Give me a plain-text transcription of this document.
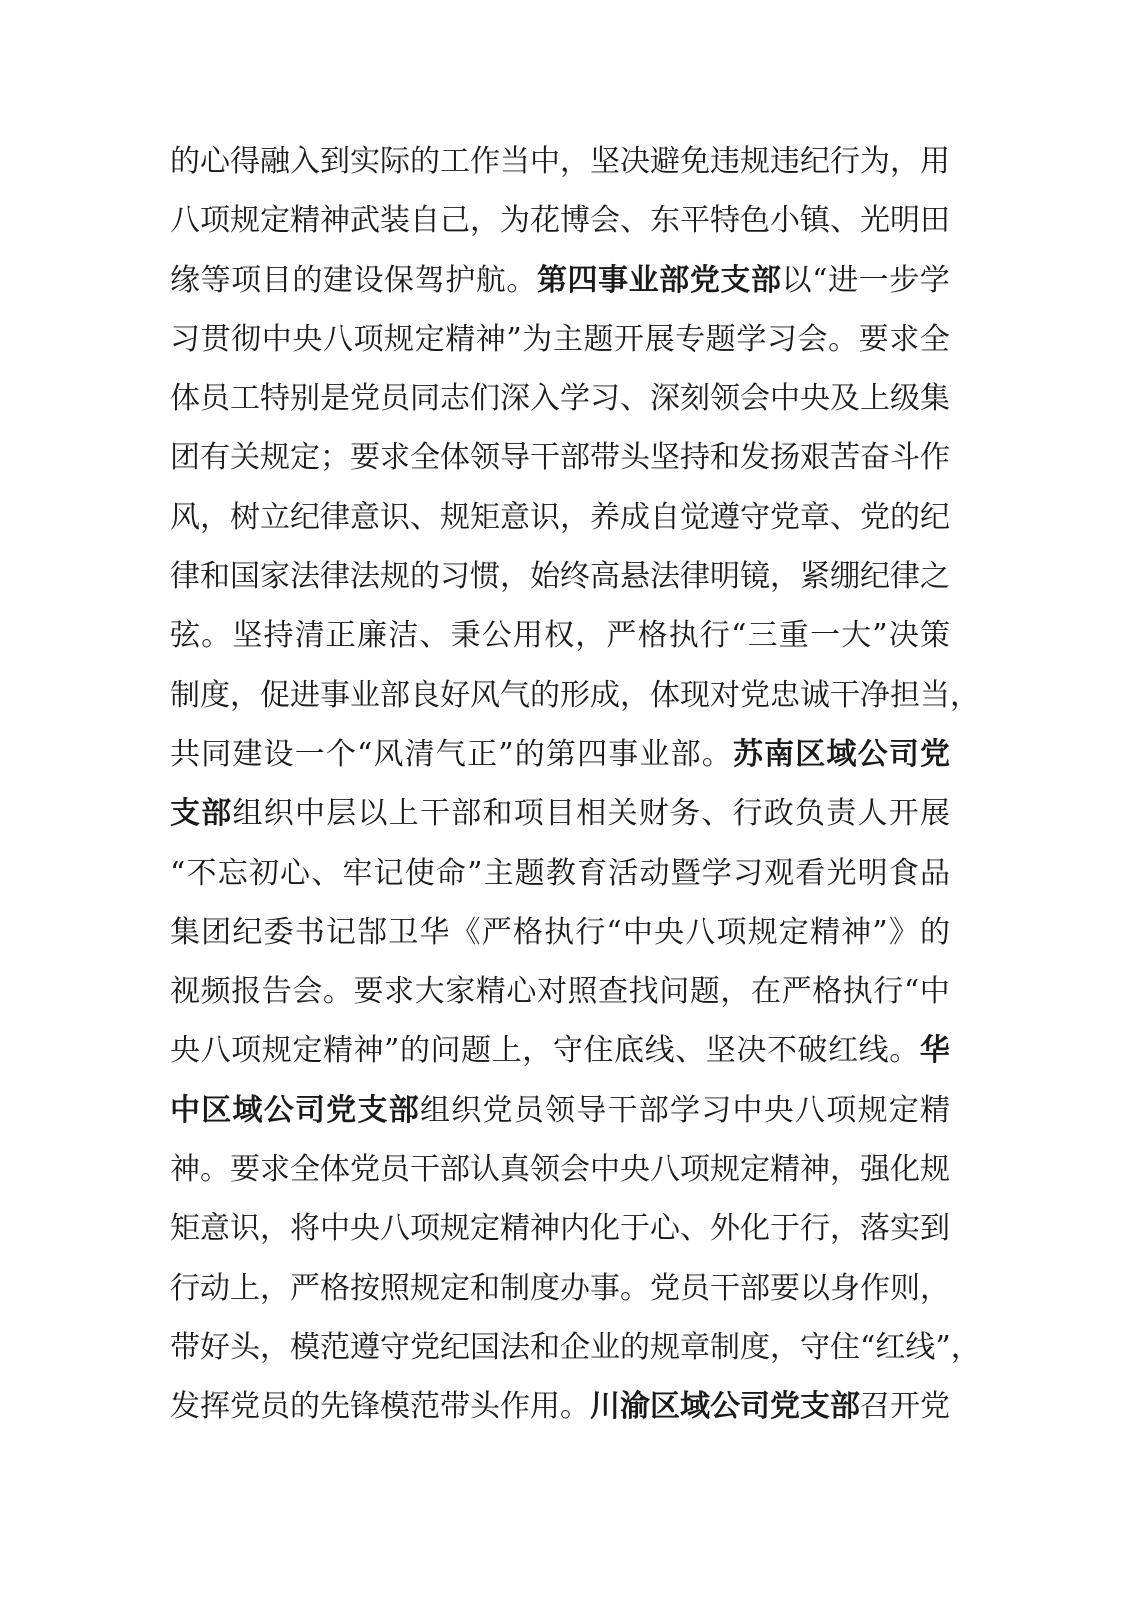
的 心 得 融 入 到 实 际 的 工 作 当 中 ， 坚 决 避 免 违 规 违 纪 行 为 ， 用
八 项 规 定 精 神 武 装 自 己 ， 为 花 博 会 、 东 平 特 色 小 镇 、 光 明 田
缘 等 项 目 的 建 设 保 驾 护 航 。 第 四 事 业 部 党 支 部 以 “ 进 一 步 学
习 贯 彻 中 央 八 项 规 定 精 神 ” 为 主 题 开 展 专 题 学 习 会 。 要 求 全
体 员 工 特 别 是 党 员 同 志 们 深 入 学 习 、 深 刻 领 会 中 央 及 上 级 集
团 有 关 规 定 ； 要 求 全 体 领 导 干 部 带 头 坚 持 和 发 扬 艰 苦 奋 斗 作
风 ， 树 立 纪 律 意 识 、 规 矩 意 识 ， 养 成 自 觉 遵 守 党 章 、 党 的 纪
律 和 国 家 法 律 法 规 的 习 惯 ， 始 终 高 悬 法 律 明 镜 ， 紧 绷 纪 律 之
弦 。 坚 持 清 正 廉 洁 、 秉 公 用 权 ， 严 格 执 行 “ 三 重 一 大 ” 决 策
制 度 ， 促 进 事 业 部 良 好 风 气 的 形 成 ， 体 现 对 党 忠 诚 干 净 担 当 ，
共 同 建 设 一 个 “ 风 清 气 正 ” 的 第 四 事 业 部 。 苏 南 区 域 公 司 党
支 部 组 织 中 层 以 上 干 部 和 项 目 相 关 财 务 、 行 政 负 责 人 开 展
“ 不 忘 初 心 、 牢 记 使 命 ” 主 题 教 育 活 动 暨 学 习 观 看 光 明 食 品
集 团 纪 委 书 记 郜 卫 华 《 严 格 执 行 “ 中 央 八 项 规 定 精 神 ” 》 的
视 频 报 告 会 。 要 求 大 家 精 心 对 照 查 找 问 题 ， 在 严 格 执 行 “ 中
央 八 项 规 定 精 神 ” 的 问 题 上 ， 守 住 底 线 、 坚 决 不 破 红 线 。 华
中 区 域 公 司 党 支 部 组 织 党 员 领 导 干 部 学 习 中 央 八 项 规 定 精
神 。 要 求 全 体 党 员 干 部 认 真 领 会 中 央 八 项 规 定 精 神 ， 强 化 规
矩 意 识 ， 将 中 央 八 项 规 定 精 神 内 化 于 心 、 外 化 于 行 ， 落 实 到
行 动 上 ， 严 格 按 照 规 定 和 制 度 办 事 。 党 员 干 部 要 以 身 作 则 ，
带 好 头 ， 模 范 遵 守 党 纪 国 法 和 企 业 的 规 章 制 度 ， 守 住 “ 红 线 ” ，
发 挥 党 员 的 先 锋 模 范 带 头 作 用 。 川 渝 区 域 公 司 党 支 部 召 开 党
